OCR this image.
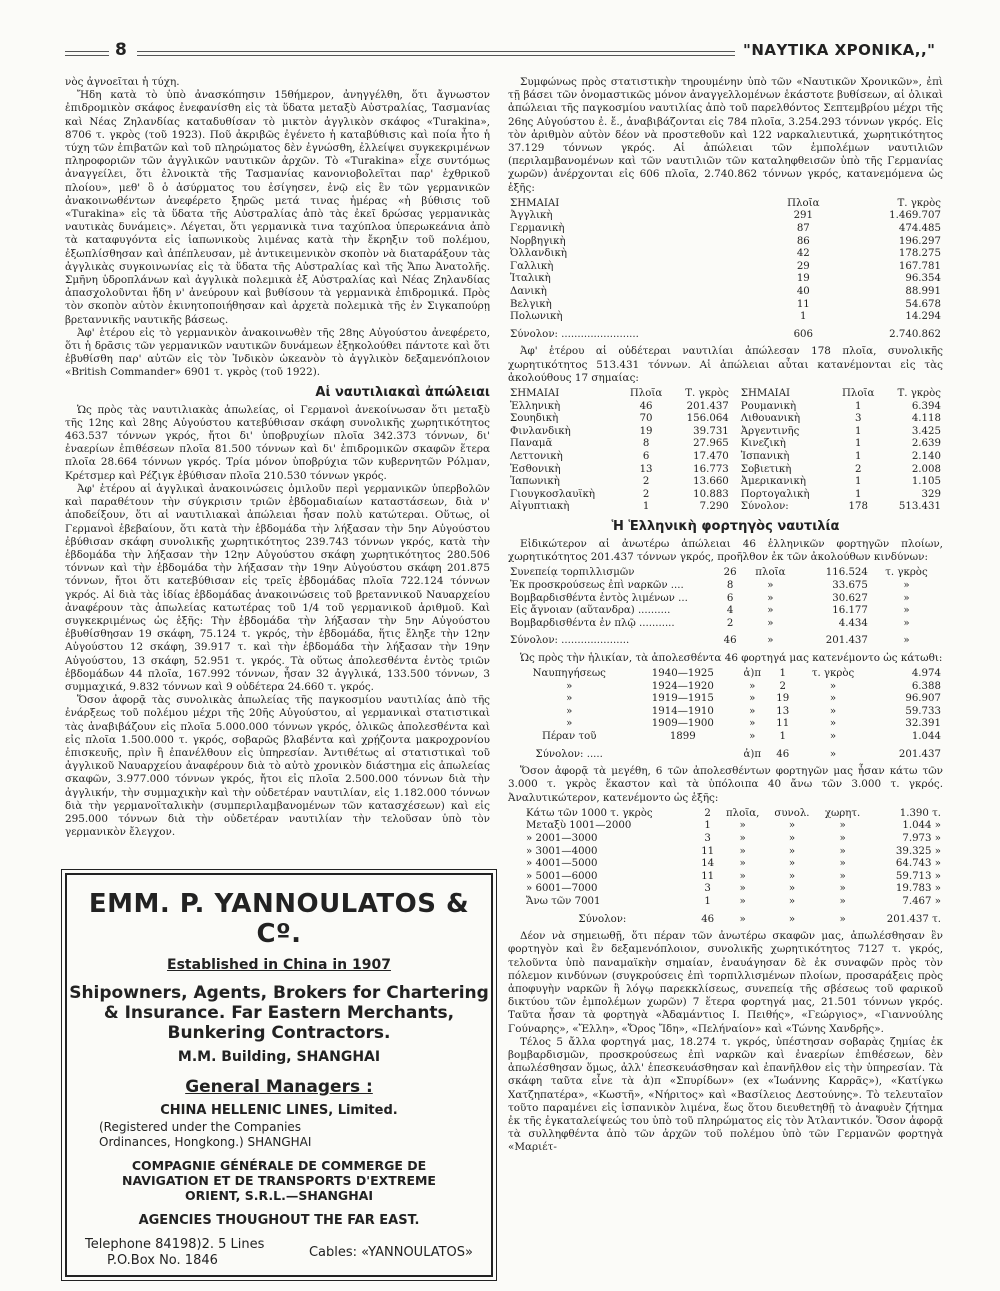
8	"ΝΑΥΤΙΚΑ ΧΡΟΝΙΚΑ,,"

νὸς ἀγνοεῖται ἡ τύχη.

Ἤδη κατὰ τὸ ὑπὸ ἀνασκόπησιν 15θήμερον, ἀνηγγέλθη, ὅτι ἄγνωστον ἐπιδρομικὸν σκάφος ἐνεφανίσθη εἰς τὰ ὕδατα μεταξὺ Αὐστραλίας, Τασμανίας καὶ Νέας Ζηλανδίας καταδυθίσαν τὸ μικτὸν ἀγγλικὸν σκάφος «Turakina», 8706 τ. γκρὸς (τοῦ 1923). Ποῦ ἀκριβῶς ἐγένετο ἡ καταβύθισις καὶ ποία ἦτο ἡ τύχη τῶν ἐπιβατῶν καὶ τοῦ πληρώματος δὲν ἐγνώσθη, ἐλλείψει συγκεκριμένων πληροφοριῶν τῶν ἀγγλικῶν ναυτικῶν ἀρχῶν. Τὸ «Turakina» εἶχε συντόμως ἀναγγείλει, ὅτι ἐλνοικτὰ τῆς Τασμανίας κανονιοβολεῖται παρ' ἐχθρικοῦ πλοίου», μεθ' ὃ ὁ ἀσύρματος του ἐσίγησεν, ἐνῷ εἰς ἓν τῶν γερμανικῶν ἀνακοινωθέντων ἀνεφέρετο ξηρῶς μετά τινας ἡμέρας «ἡ βύθισις τοῦ «Turakina» εἰς τὰ ὕδατα τῆς Αὐστραλίας ἀπὸ τὰς ἐκεῖ δρώσας γερμανικὰς ναυτικὰς δυνάμεις». Λέγεται, ὅτι γερμανικὰ τινα ταχύπλοα ὑπερωκεάνια ἀπὸ τὰ καταφυγόντα εἰς ἰαπωνικοὺς λιμένας κατὰ τὴν ἔκρηξιν τοῦ πολέμου, ἐξωπλίσθησαν καὶ ἀπέπλευσαν, μὲ ἀντικειμενικὸν σκοπὸν νὰ διαταράξουν τὰς ἀγγλικὰς συγκοινωνίας εἰς τὰ ὕδατα τῆς Αὐστραλίας καὶ τῆς Ἄπω Ἀνατολῆς. Σμῆνη ὑδροπλάνων καὶ ἀγγλικὰ πολεμικὰ ἐξ Αὐστραλίας καὶ Νέας Ζηλανδίας ἀπασχολοῦνται ἤδη ν' ἀνεύρουν καὶ βυθίσουν τὰ γερμανικὰ ἐπιδρομικά. Πρὸς τὸν σκοπὸν αὐτὸν ἐκινητοποιήθησαν καὶ ἀρχετὰ πολεμικὰ τῆς ἐν Σιγκαπούρῃ βρεταννικῆς ναυτικῆς βάσεως.

Ἀφ' ἑτέρου εἰς τὸ γερμανικὸν ἀνακοινωθὲν τῆς 28ης Αὐγούστου ἀνεφέρετο, ὅτι ἡ δρᾶσις τῶν γερμανικῶν ναυτικῶν δυνάμεων ἐξηκολούθει πάντοτε καὶ ὅτι ἐβυθίσθη παρ' αὐτῶν εἰς τὸν Ἰνδικὸν ὠκεανὸν τὸ ἀγγλικὸν δεξαμενόπλοιον «British Commander» 6901 τ. γκρὸς (τοῦ 1922).

Αἱ ναυτιλιακαὶ ἀπώλειαι

Ὡς πρὸς τὰς ναυτιλιακὰς ἀπωλείας, οἱ Γερμανοὶ ἀνεκοίνωσαν ὅτι μεταξὺ τῆς 12ης καὶ 28ης Αὐγούστου κατεβύθισαν σκάφη συνολικῆς χωρητικότητος 463.537 τόννων γκρός, ἤτοι δι' ὑποβρυχίων πλοῖα 342.373 τόννων, δι' ἐναερίων ἐπιθέσεων πλοῖα 81.500 τόννων καὶ δι' ἐπιδρομικῶν σκαφῶν ἕτερα πλοῖα 28.664 τόννων γκρός. Τρία μόνον ὑποβρύχια τῶν κυβερνητῶν Ρόλμαν, Κρέτσμερ καὶ Ρέζιγκ ἐβύθισαν πλοῖα 210.530 τόννων γκρός.

Ἀφ' ἑτέρου αἱ ἀγγλικαὶ ἀνακοινώσεις ὁμιλοῦν περὶ γερμανικῶν ὑπερβολῶν καὶ παραθέτουν τὴν σύγκρισιν τριῶν ἑβδομαδιαίων καταστάσεων, διὰ ν' ἀποδείξουν, ὅτι αἱ ναυτιλιακαὶ ἀπώλειαι ἦσαν πολὺ κατώτεραι. Οὕτως, οἱ Γερμανοὶ ἐβεβαίουν, ὅτι κατὰ τὴν ἑβδομάδα τὴν λήξασαν τὴν 5ην Αὐγούστου ἐβύθισαν σκάφη συνολικῆς χωρητικότητος 239.743 τόννων γκρός, κατὰ τὴν ἑβδομάδα τὴν λήξασαν τὴν 12ην Αὐγούστου σκάφη χωρητικότητος 280.506 τόννων καὶ τὴν ἑβδομάδα τὴν λήξασαν τὴν 19ην Αὐγούστου σκάφη 201.875 τόννων, ἤτοι ὅτι κατεβύθισαν εἰς τρεῖς ἑβδομάδας πλοῖα 722.124 τόννων γκρός. Αἱ διὰ τὰς ἰδίας ἑβδομάδας ἀνακοινώσεις τοῦ βρεταννικοῦ Ναυαρχείου ἀναφέρουν τὰς ἀπωλείας κατωτέρας τοῦ 1/4 τοῦ γερμανικοῦ ἀριθμοῦ. Καὶ συγκεκριμένως ὡς ἑξῆς: Τὴν ἑβδομάδα τὴν λήξασαν τὴν 5ην Αὐγούστου ἐβυθίσθησαν 19 σκάφη, 75.124 τ. γκρός, τὴν ἑβδομάδα, ἥτις ἔληξε τὴν 12ην Αὐγούστου 12 σκάφη, 39.917 τ. καὶ τὴν ἑβδομάδα τὴν λήξασαν τὴν 19ην Αὐγούστου, 13 σκάφη, 52.951 τ. γκρός. Τὰ οὕτως ἀπολεσθέντα ἐντὸς τριῶν ἑβδομάδων 44 πλοῖα, 167.992 τόννων, ἦσαν 32 ἀγγλικά, 133.500 τόννων, 3 συμμαχικά, 9.832 τόννων καὶ 9 οὐδέτερα 24.660 τ. γκρός.

Ὅσον ἀφορᾷ τὰς συνολικὰς ἀπωλείας τῆς παγκοσμίου ναυτιλίας ἀπὸ τῆς ἐνάρξεως τοῦ πολέμου μέχρι τῆς 20ῆς Αὐγούστου, αἱ γερμανικαὶ στατιστικαὶ τὰς ἀναβιβάζουν εἰς πλοῖα 5.000.000 τόννων γκρός, ὁλικῶς ἀπολεσθέντα καὶ εἰς πλοῖα 1.500.000 τ. γκρός, σοβαρῶς βλαβέντα καὶ χρῄζοντα μακροχρονίου ἐπισκευῆς, πρὶν ἢ ἐπανέλθουν εἰς ὑπηρεσίαν. Ἀντιθέτως αἱ στατιστικαὶ τοῦ ἀγγλικοῦ Ναυαρχείου ἀναφέρουν διὰ τὸ αὐτὸ χρονικὸν διάστημα εἰς ἀπωλείας σκαφῶν, 3.977.000 τόννων γκρός, ἤτοι εἰς πλοῖα 2.500.000 τόννων διὰ τὴν ἀγγλικήν, τὴν συμμαχικὴν καὶ τὴν οὐδετέραν ναυτιλίαν, εἰς 1.182.000 τόννων διὰ τὴν γερμανοϊταλικὴν (συμπεριλαμβανομένων τῶν κατασχέσεων) καὶ εἰς 295.000 τόννων διὰ τὴν οὐδετέραν ναυτιλίαν τὴν τελοῦσαν ὑπὸ τὸν γερμανικὸν ἔλεγχον.

EMM. P. YANNOULATOS & Cº.
Established in China in 1907
Shipowners, Agents, Brokers for Chartering
& Insurance. Far Eastern Merchants,
Bunkering Contractors.
M.M. Building, SHANGHAI
General Managers :
CHINA HELLENIC LINES, Limited.
(Registered under the Companies
Ordinances, Hongkong.) SHANGHAI
COMPAGNIE GÉNÉRALE DE COMMERGE DE
NAVIGATION ET DE TRANSPORTS D'EXTREME
ORIENT, S.R.L.—SHANGHAI
AGENCIES THOUGHOUT THE FAR EAST.
Telephone 84198)2. 5 Lines
P.O.Box No. 1846
Cables: «YANNOULATOS»

Συμφώνως πρὸς στατιστικὴν τηρουμένην ὑπὸ τῶν «Ναυτικῶν Χρονικῶν», ἐπὶ τῇ βάσει τῶν ὀνομαστικῶς μόνον ἀναγγελλομένων ἑκάστοτε βυθίσεων, αἱ ὁλικαὶ ἀπώλειαι τῆς παγκοσμίου ναυτιλίας ἀπὸ τοῦ παρελθόντος Σεπτεμβρίου μέχρι τῆς 26ης Αὐγούστου ἐ. ἔ., ἀναβιβάζονται εἰς 784 πλοῖα, 3.254.293 τόννων γκρός. Εἰς τὸν ἀριθμὸν αὐτὸν δέον νὰ προστεθοῦν καὶ 122 ναρκαλιευτικά, χωρητικότητος 37.129 τόννων γκρός. Αἱ ἀπώλειαι τῶν ἐμπολέμων ναυτιλιῶν (περιλαμβανομένων καὶ τῶν ναυτιλιῶν τῶν καταληφθεισῶν ὑπὸ τῆς Γερμανίας χωρῶν) ἀνέρχονται εἰς 606 πλοῖα, 2.740.862 τόννων γκρός, κατανεμόμενα ὡς ἑξῆς:

ΣΗΜΑΙΑΙ	Πλοῖα	Τ. γκρὸς
Ἀγγλικὴ	291	1.469.707
Γερμανικὴ	87	474.485
Νορβηγικὴ	86	196.297
Ὀλλανδικὴ	42	178.275
Γαλλικὴ	29	167.781
Ἰταλικὴ	19	96.354
Δανικὴ	40	88.991
Βελγικὴ	11	54.678
Πολωνικὴ	1	14.294
Σύνολον: ........................	606	2.740.862

Ἀφ' ἑτέρου αἱ οὐδέτεραι ναυτιλίαι ἀπώλεσαν 178 πλοῖα, συνολικῆς χωρητικότητος 513.431 τόννων. Αἱ ἀπώλειαι αὗται κατανέμονται εἰς τὰς ἀκολούθους 17 σημαίας:

ΣΗΜΑΙΑΙ	Πλοῖα	Τ. γκρὸς	ΣΗΜΑΙΑΙ	Πλοῖα	Τ. γκρὸς
Ἑλληνικὴ	46	201.437	Ρουμανικὴ	1	6.394
Σουηδικὴ	70	156.064	Λιθουανικὴ	3	4.118
Φινλανδικὴ	19	39.731	Ἀργεντινῆς	1	3.425
Παναμᾶ	8	27.965	Κινεζικὴ	1	2.639
Λεττονικὴ	6	17.470	Ἰσπανικὴ	1	2.140
Ἐσθονικὴ	13	16.773	Σοβιετικὴ	2	2.008
Ἰαπωνικὴ	2	13.660	Ἀμερικανικὴ	1	1.105
Γιουγκοσλαυϊκὴ	2	10.883	Πορτογαλικὴ	1	329
Αἰγυπτιακὴ	1	7.290	Σύνολον:	178	513.431
Ἡ Ἑλληνικὴ φορτηγὸς ναυτιλία

Εἰδικώτερον αἱ ἀνωτέρω ἀπώλειαι 46 ἑλληνικῶν φορτηγῶν πλοίων, χωρητικότητος 201.437 τόννων γκρός, προῆλθον ἐκ τῶν ἀκολούθων κινδύνων:

Συνεπείᾳ τορπιλλισμῶν	26	πλοῖα	116.524	τ. γκρὸς
Ἐκ προσκρούσεως ἐπὶ ναρκῶν ....	8	»	33.675	»
Βομβαρδισθέντα ἐντὸς λιμένων ...	6	»	30.627	»
Εἰς ἄγνοιαν (αὕτανδρα) ..........	4	»	16.177	»
Βομβαρδισθέντα ἐν πλῷ ...........	2	»	4.434	»
Σύνολον: .....................	46	»	201.437	»

Ὡς πρὸς τὴν ἡλικίαν, τὰ ἀπολεσθέντα 46 φορτηγά μας κατενέμοντο ὡς κάτωθι:

Ναυπηγήσεως	1940—1925	ἀ)π	1	τ. γκρὸς	4.974
»	1924—1920	»	2	»	6.388
»	1919—1915	»	19	»	96.907
»	1914—1910	»	13	»	59.733
»	1909—1900	»	11	»	32.391
Πέραν τοῦ	1899	»	1	»	1.044
Σύνολον: .....		ἀ)π	46	»	201.437

Ὅσον ἀφορᾷ τὰ μεγέθη, 6 τῶν ἀπολεσθέντων φορτηγῶν μας ἦσαν κάτω τῶν 3.000 τ. γκρὸς ἕκαστον καὶ τὰ ὑπόλοιπα 40 ἄνω τῶν 3.000 τ. γκρός. Ἀναλυτικώτερον, κατενέμοντο ὡς ἑξῆς:

Κάτω τῶν 1000 τ. γκρὸς	2	πλοῖα,	συνολ.	χωρητ.	1.390 τ.
Μεταξὺ 1001—2000	1	»	»	»	1.044 »
» 2001—3000	3	»	»	»	7.973 »
» 3001—4000	11	»	»	»	39.325 »
» 4001—5000	14	»	»	»	64.743 »
» 5001—6000	11	»	»	»	59.713 »
» 6001—7000	3	»	»	»	19.783 »
Ἄνω τῶν 7001	1	»	»	»	7.467 »
Σύνολον:	46	»	»	»	201.437 τ.

Δέον νὰ σημειωθῇ, ὅτι πέραν τῶν ἀνωτέρω σκαφῶν μας, ἀπωλέσθησαν ἓν φορτηγὸν καὶ ἓν δεξαμενόπλοιον, συνολικῆς χωρητικότητος 7127 τ. γκρός, τελοῦντα ὑπὸ παναμαϊκὴν σημαίαν, ἐναυάγησαν δὲ ἐκ συναφῶν πρὸς τὸν πόλεμον κινδύνων (συγκρούσεις ἐπὶ τορπιλλισμένων πλοίων, προσαράξεις πρὸς ἀποφυγὴν ναρκῶν ἢ λόγῳ παρεκκλίσεως, συνεπείᾳ τῆς σβέσεως τοῦ φαρικοῦ δικτύου τῶν ἐμπολέμων χωρῶν) 7 ἕτερα φορτηγά μας, 21.501 τόννων γκρός. Ταῦτα ἦσαν τὰ φορτηγὰ «Ἀδαμάντιος Ι. Πειθής», «Γεώργιος», «Γιαννούλης Γούναρης», «Ἔλλη», «Ὄρος Ἴδη», «Πελήναίον» καὶ «Τώνης Χανδρῆς».

Τέλος 5 ἄλλα φορτηγά μας, 18.274 τ. γκρός, ὑπέστησαν σοβαρὰς ζημίας ἐκ βομβαρδισμῶν, προσκρούσεως ἐπὶ ναρκῶν καὶ ἐναερίων ἐπιθέσεων, δὲν ἀπωλέσθησαν ὅμως, ἀλλ' ἐπεσκευάσθησαν καὶ ἐπανῆλθον εἰς τὴν ὑπηρεσίαν. Τὰ σκάφη ταῦτα εἶνε τὰ ἀ)π «Σπυρίδων» (ex «Ἰωάννης Καρρᾶς»), «Κατίγκω Χατζηπατέρα», «Κωστῆ», «Νήριτος» καὶ «Βασίλειος Δεστούνης». Τὸ τελευταῖον τοῦτο παραμένει εἰς ἰσπανικὸν λιμένα, ἕως ὅτου διευθετηθῇ τὸ ἀναφυὲν ζήτημα ἐκ τῆς ἐγκαταλείψεώς του ὑπὸ τοῦ πληρώματος εἰς τὸν Ἀτλαντικόν. Ὅσον ἀφορᾷ τὰ συλληφθέντα ἀπὸ τῶν ἀρχῶν τοῦ πολέμου ὑπὸ τῶν Γερμανῶν φορτηγὰ «Μαριέτ-
